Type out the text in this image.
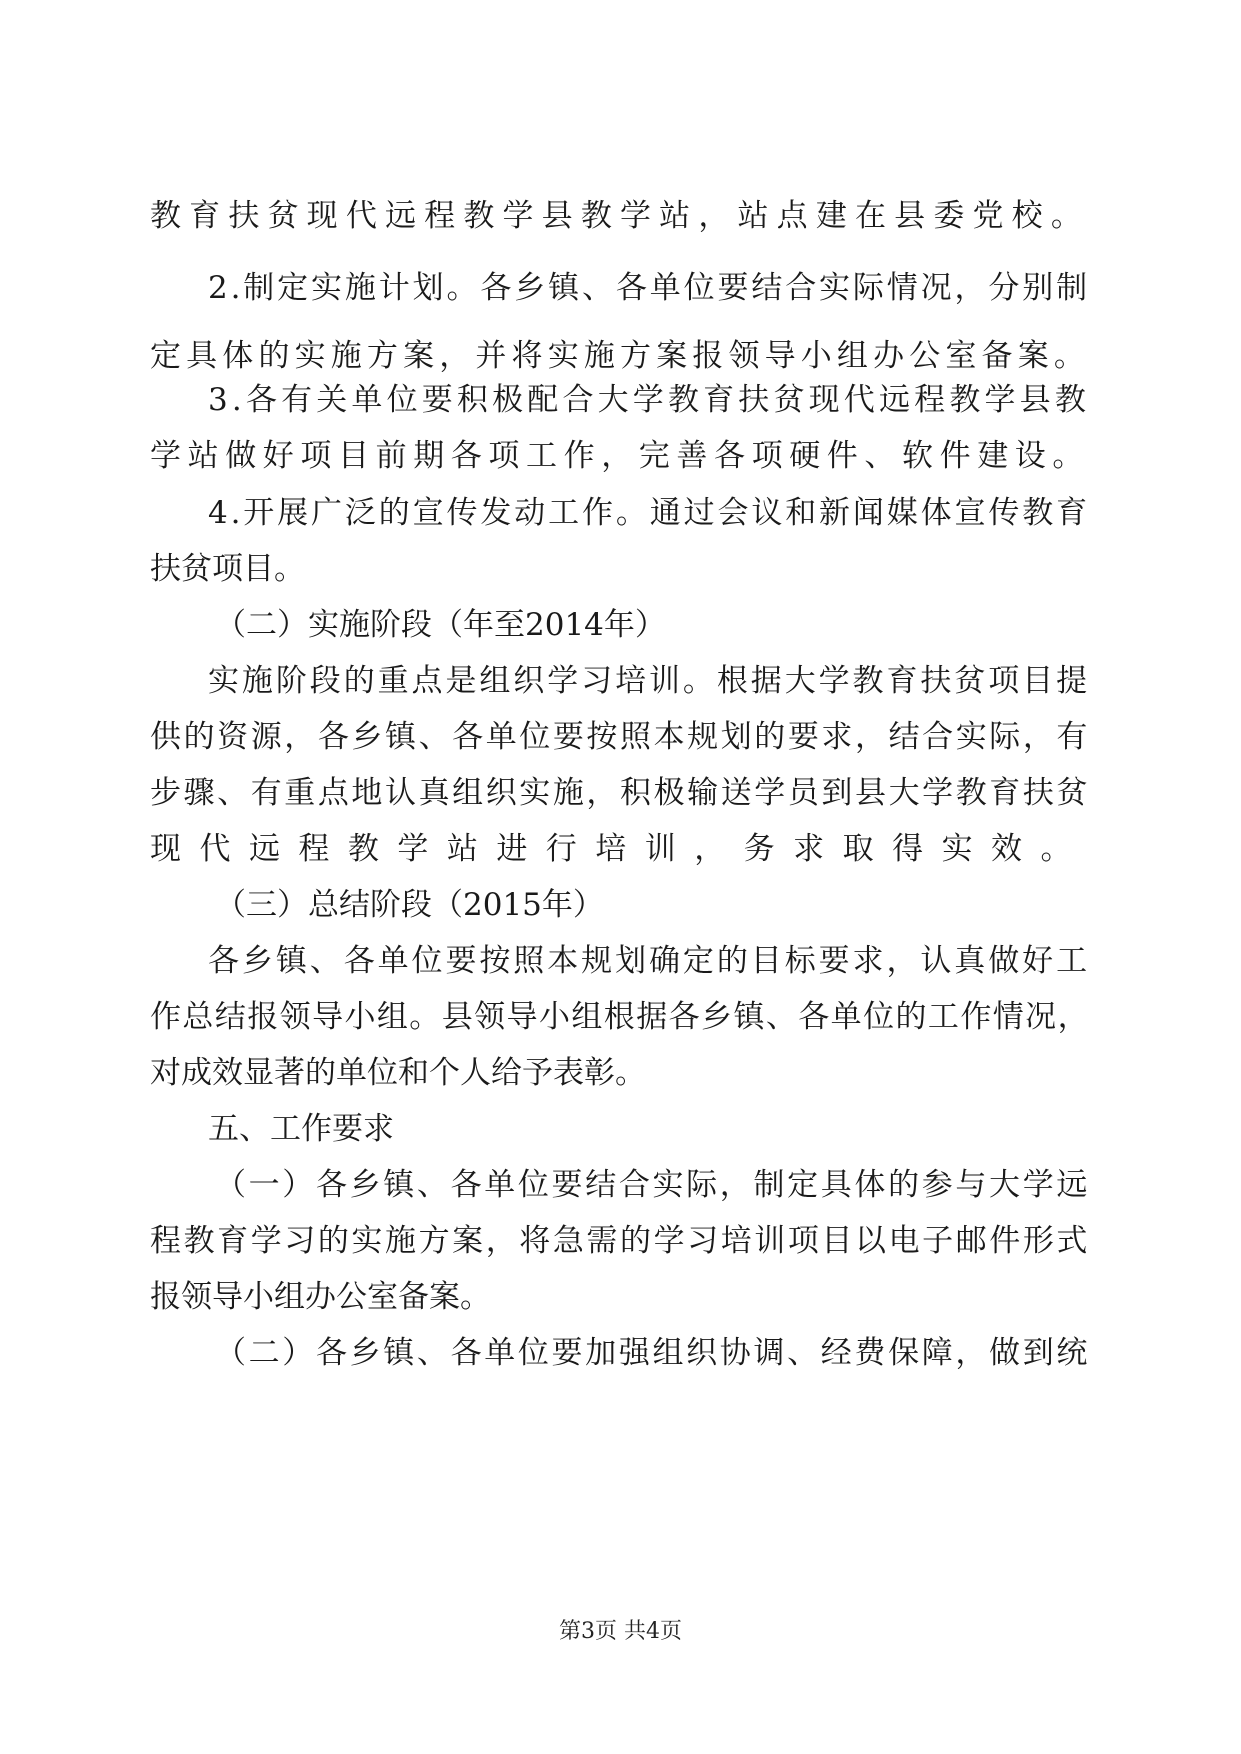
教育扶贫现代远程教学县教学站，站点建在县委党校。
2.制定实施计划。各乡镇、各单位要结合实际情况，分别制
定具体的实施方案，并将实施方案报领导小组办公室备案。
3.各有关单位要积极配合大学教育扶贫现代远程教学县教
学站做好项目前期各项工作，完善各项硬件、软件建设。
4.开展广泛的宣传发动工作。通过会议和新闻媒体宣传教育
扶贫项目。
（二）实施阶段（年至2014年）
实施阶段的重点是组织学习培训。根据大学教育扶贫项目提
供的资源，各乡镇、各单位要按照本规划的要求，结合实际，有
步骤、有重点地认真组织实施，积极输送学员到县大学教育扶贫
现代远程教学站进行培训，务求取得实效。
（三）总结阶段（2015年）
各乡镇、各单位要按照本规划确定的目标要求，认真做好工
作总结报领导小组。县领导小组根据各乡镇、各单位的工作情况，
对成效显著的单位和个人给予表彰。
五、工作要求
（一）各乡镇、各单位要结合实际，制定具体的参与大学远
程教育学习的实施方案，将急需的学习培训项目以电子邮件形式
报领导小组办公室备案。
（二）各乡镇、各单位要加强组织协调、经费保障，做到统
第3页 共4页
